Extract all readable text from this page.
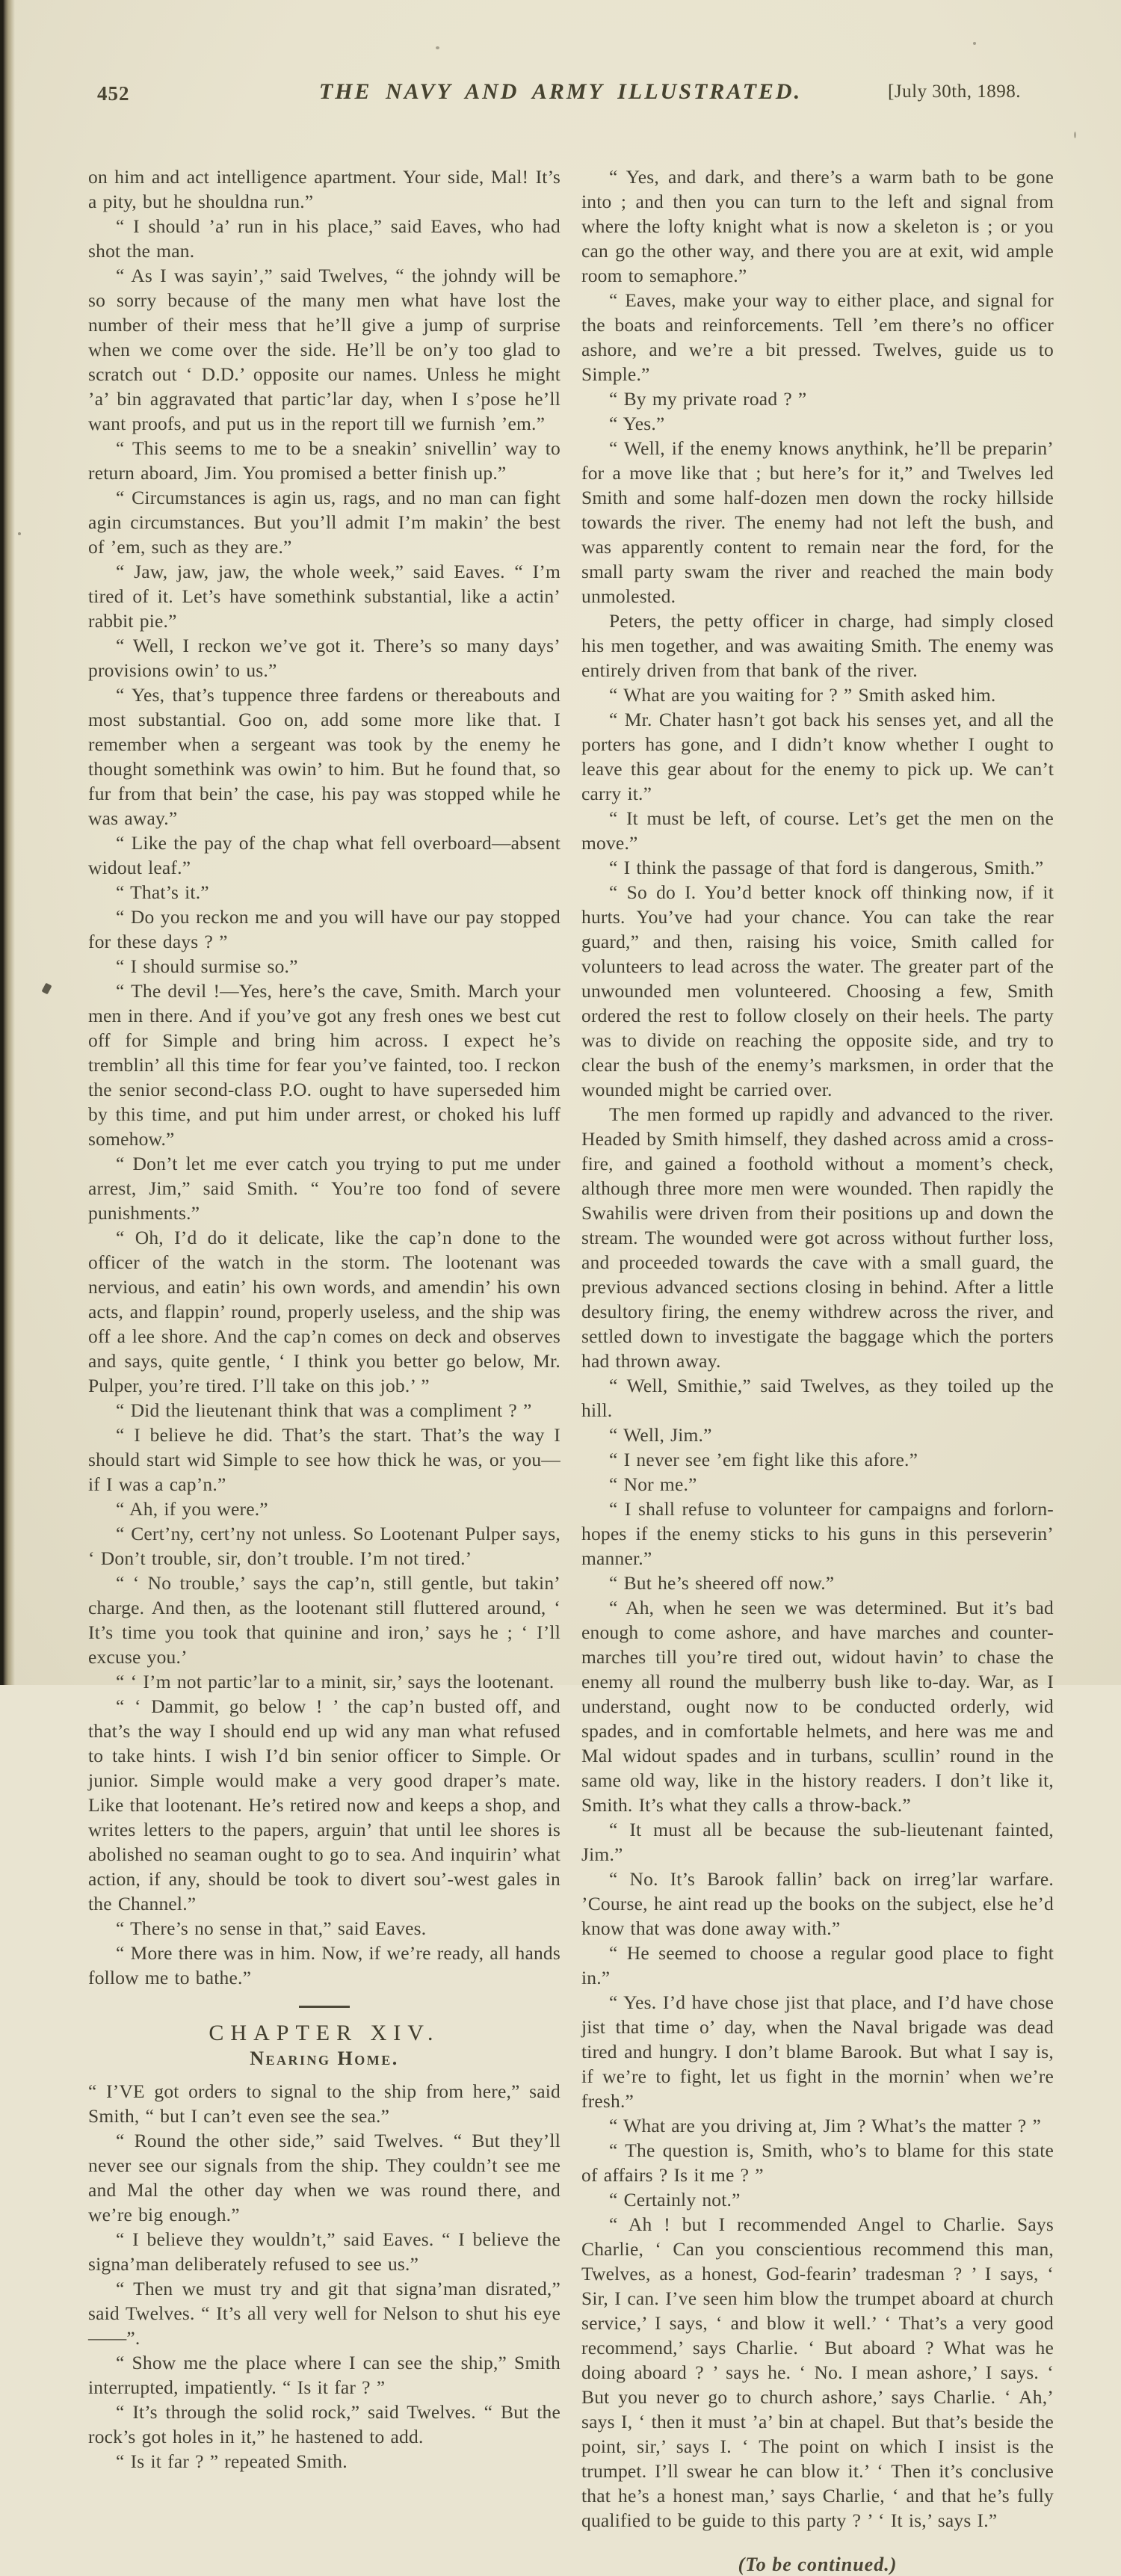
452	THE NAVY AND ARMY ILLUSTRATED.	[July 30th, 1898.

on him and act intelligence apartment. Your side, Mal! It’s a pity, but he shouldna run.”

“ I should ’a’ run in his place,” said Eaves, who had shot the man.

“ As I was sayin’,” said Twelves, “ the johndy will be so sorry because of the many men what have lost the number of their mess that he’ll give a jump of surprise when we come over the side. He’ll be on’y too glad to scratch out ‘ D.D.’ opposite our names. Unless he might ’a’ bin aggravated that partic’lar day, when I s’pose he’ll want proofs, and put us in the report till we furnish ’em.”

“ This seems to me to be a sneakin’ snivellin’ way to return aboard, Jim. You promised a better finish up.”

“ Circumstances is agin us, rags, and no man can fight agin circumstances. But you’ll admit I’m makin’ the best of ’em, such as they are.”

“ Jaw, jaw, jaw, the whole week,” said Eaves. “ I’m tired of it. Let’s have somethink substantial, like a actin’ rabbit pie.”

“ Well, I reckon we’ve got it. There’s so many days’ provisions owin’ to us.”

“ Yes, that’s tuppence three fardens or thereabouts and most substantial. Goo on, add some more like that. I remember when a sergeant was took by the enemy he thought somethink was owin’ to him. But he found that, so fur from that bein’ the case, his pay was stopped while he was away.”

“ Like the pay of the chap what fell overboard—absent widout leaf.”

“ That’s it.”

“ Do you reckon me and you will have our pay stopped for these days ? ”

“ I should surmise so.”

“ The devil !—Yes, here’s the cave, Smith. March your men in there. And if you’ve got any fresh ones we best cut off for Simple and bring him across. I expect he’s tremblin’ all this time for fear you’ve fainted, too. I reckon the senior second-class P.O. ought to have superseded him by this time, and put him under arrest, or choked his luff somehow.”

“ Don’t let me ever catch you trying to put me under arrest, Jim,” said Smith. “ You’re too fond of severe punishments.”

“ Oh, I’d do it delicate, like the cap’n done to the officer of the watch in the storm. The lootenant was nervious, and eatin’ his own words, and amendin’ his own acts, and flappin’ round, properly useless, and the ship was off a lee shore. And the cap’n comes on deck and observes and says, quite gentle, ‘ I think you better go below, Mr. Pulper, you’re tired. I’ll take on this job.’ ”

“ Did the lieutenant think that was a compliment ? ”

“ I believe he did. That’s the start. That’s the way I should start wid Simple to see how thick he was, or you—if I was a cap’n.”

“ Ah, if you were.”

“ Cert’ny, cert’ny not unless. So Lootenant Pulper says, ‘ Don’t trouble, sir, don’t trouble. I’m not tired.’

“ ‘ No trouble,’ says the cap’n, still gentle, but takin’ charge. And then, as the lootenant still fluttered around, ‘ It’s time you took that quinine and iron,’ says he ; ‘ I’ll excuse you.’

“ ‘ I’m not partic’lar to a minit, sir,’ says the lootenant.

“ ‘ Dammit, go below ! ’ the cap’n busted off, and that’s the way I should end up wid any man what refused to take hints. I wish I’d bin senior officer to Simple. Or junior. Simple would make a very good draper’s mate. Like that lootenant. He’s retired now and keeps a shop, and writes letters to the papers, arguin’ that until lee shores is abolished no seaman ought to go to sea. And inquirin’ what action, if any, should be took to divert sou’-west gales in the Channel.”

“ There’s no sense in that,” said Eaves.

“ More there was in him. Now, if we’re ready, all hands follow me to bathe.”

CHAPTER XIV.
Nearing Home.

“ I’VE got orders to signal to the ship from here,” said Smith, “ but I can’t even see the sea.”

“ Round the other side,” said Twelves. “ But they’ll never see our signals from the ship. They couldn’t see me and Mal the other day when we was round there, and we’re big enough.”

“ I believe they wouldn’t,” said Eaves. “ I believe the signa’man deliberately refused to see us.”

“ Then we must try and git that signa’man disrated,” said Twelves. “ It’s all very well for Nelson to shut his eye——”.

“ Show me the place where I can see the ship,” Smith interrupted, impatiently. “ Is it far ? ”

“ It’s through the solid rock,” said Twelves. “ But the rock’s got holes in it,” he hastened to add.

“ Is it far ? ” repeated Smith.

“ Yes, and dark, and there’s a warm bath to be gone into ; and then you can turn to the left and signal from where the lofty knight what is now a skeleton is ; or you can go the other way, and there you are at exit, wid ample room to semaphore.”

“ Eaves, make your way to either place, and signal for the boats and reinforcements. Tell ’em there’s no officer ashore, and we’re a bit pressed. Twelves, guide us to Simple.”

“ By my private road ? ”

“ Yes.”

“ Well, if the enemy knows anythink, he’ll be preparin’ for a move like that ; but here’s for it,” and Twelves led Smith and some half-dozen men down the rocky hillside towards the river. The enemy had not left the bush, and was apparently content to remain near the ford, for the small party swam the river and reached the main body unmolested.

Peters, the petty officer in charge, had simply closed his men together, and was awaiting Smith. The enemy was entirely driven from that bank of the river.

“ What are you waiting for ? ” Smith asked him.

“ Mr. Chater hasn’t got back his senses yet, and all the porters has gone, and I didn’t know whether I ought to leave this gear about for the enemy to pick up. We can’t carry it.”

“ It must be left, of course. Let’s get the men on the move.”

“ I think the passage of that ford is dangerous, Smith.”

“ So do I. You’d better knock off thinking now, if it hurts. You’ve had your chance. You can take the rear guard,” and then, raising his voice, Smith called for volunteers to lead across the water. The greater part of the unwounded men volunteered. Choosing a few, Smith ordered the rest to follow closely on their heels. The party was to divide on reaching the opposite side, and try to clear the bush of the enemy’s marksmen, in order that the wounded might be carried over.

The men formed up rapidly and advanced to the river. Headed by Smith himself, they dashed across amid a cross-fire, and gained a foothold without a moment’s check, although three more men were wounded. Then rapidly the Swahilis were driven from their positions up and down the stream. The wounded were got across without further loss, and proceeded towards the cave with a small guard, the previous advanced sections closing in behind. After a little desultory firing, the enemy withdrew across the river, and settled down to investigate the baggage which the porters had thrown away.

“ Well, Smithie,” said Twelves, as they toiled up the hill.

“ Well, Jim.”

“ I never see ’em fight like this afore.”

“ Nor me.”

“ I shall refuse to volunteer for campaigns and forlorn-hopes if the enemy sticks to his guns in this perseverin’ manner.”

“ But he’s sheered off now.”

“ Ah, when he seen we was determined. But it’s bad enough to come ashore, and have marches and counter-marches till you’re tired out, widout havin’ to chase the enemy all round the mulberry bush like to-day. War, as I understand, ought now to be conducted orderly, wid spades, and in comfortable helmets, and here was me and Mal widout spades and in turbans, scullin’ round in the same old way, like in the history readers. I don’t like it, Smith. It’s what they calls a throw-back.”

“ It must all be because the sub-lieutenant fainted, Jim.”

“ No. It’s Barook fallin’ back on irreg’lar warfare. ’Course, he aint read up the books on the subject, else he’d know that was done away with.”

“ He seemed to choose a regular good place to fight in.”

“ Yes. I’d have chose jist that place, and I’d have chose jist that time o’ day, when the Naval brigade was dead tired and hungry. I don’t blame Barook. But what I say is, if we’re to fight, let us fight in the mornin’ when we’re fresh.”

“ What are you driving at, Jim ? What’s the matter ? ”

“ The question is, Smith, who’s to blame for this state of affairs ? Is it me ? ”

“ Certainly not.”

“ Ah ! but I recommended Angel to Charlie. Says Charlie, ‘ Can you conscientious recommend this man, Twelves, as a honest, God-fearin’ tradesman ? ’ I says, ‘ Sir, I can. I’ve seen him blow the trumpet aboard at church service,’ I says, ‘ and blow it well.’ ‘ That’s a very good recommend,’ says Charlie. ‘ But aboard ? What was he doing aboard ? ’ says he. ‘ No. I mean ashore,’ I says. ‘ But you never go to church ashore,’ says Charlie. ‘ Ah,’ says I, ‘ then it must ’a’ bin at chapel. But that’s beside the point, sir,’ says I. ‘ The point on which I insist is the trumpet. I’ll swear he can blow it.’ ‘ Then it’s conclusive that he’s a honest man,’ says Charlie, ‘ and that he’s fully qualified to be guide to this party ? ’ ‘ It is,’ says I.”

(To be continued.)
